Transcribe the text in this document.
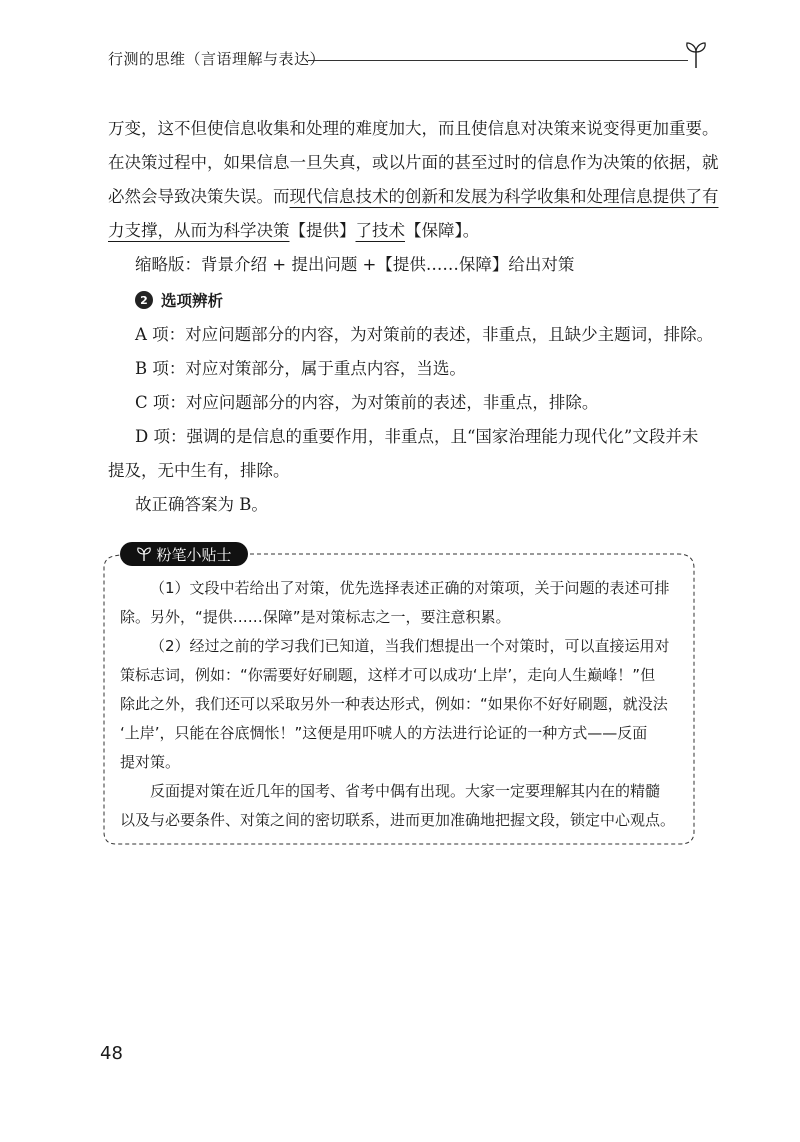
行测的思维（言语理解与表达）

万变，这不但使信息收集和处理的难度加大，而且使信息对决策来说变得更加重要。

在决策过程中，如果信息一旦失真，或以片面的甚至过时的信息作为决策的依据，就

必然会导致决策失误。而现代信息技术的创新和发展为科学收集和处理信息提供了有

力支撑，从而为科学决策【提供】了技术【保障】。

缩略版：背景介绍 + 提出问题 +【提供……保障】给出对策

2 选项辨析

A 项：对应问题部分的内容，为对策前的表述，非重点，且缺少主题词，排除。

B 项：对应对策部分，属于重点内容，当选。

C 项：对应问题部分的内容，为对策前的表述，非重点，排除。

D 项：强调的是信息的重要作用，非重点，且“国家治理能力现代化”文段并未

提及，无中生有，排除。

故正确答案为 B。

粉笔小贴士

（1）文段中若给出了对策，优先选择表述正确的对策项，关于问题的表述可排

除。另外，“提供……保障”是对策标志之一，要注意积累。

（2）经过之前的学习我们已知道，当我们想提出一个对策时，可以直接运用对

策标志词，例如：“你需要好好刷题，这样才可以成功‘上岸’，走向人生巅峰！”但

除此之外，我们还可以采取另外一种表达形式，例如：“如果你不好好刷题，就没法

‘上岸’，只能在谷底惆怅！”这便是用吓唬人的方法进行论证的一种方式——反面

提对策。

反面提对策在近几年的国考、省考中偶有出现。大家一定要理解其内在的精髓

以及与必要条件、对策之间的密切联系，进而更加准确地把握文段，锁定中心观点。

48
